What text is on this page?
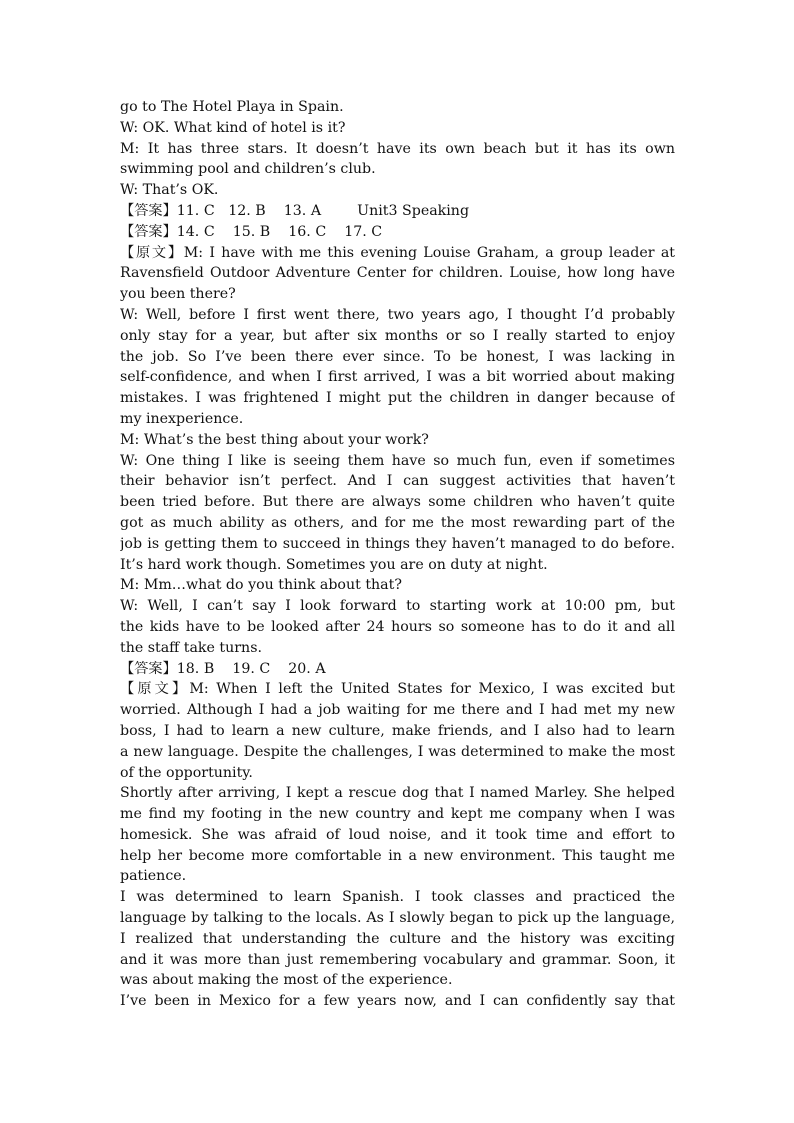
go to The Hotel Playa in Spain.
W: OK. What kind of hotel is it?
M: It has three stars. It doesn’t have its own beach but it has its own
swimming pool and children’s club.
W: That’s OK.
【答案】11. C   12. B    13. A        Unit3 Speaking
【答案】14. C    15. B    16. C    17. C
【原文】M: I have with me this evening Louise Graham, a group leader at
Ravensfield Outdoor Adventure Center for children. Louise, how long have
you been there?
W: Well, before I first went there, two years ago, I thought I’d probably
only stay for a year, but after six months or so I really started to enjoy
the job. So I’ve been there ever since. To be honest, I was lacking in
self-confidence, and when I first arrived, I was a bit worried about making
mistakes. I was frightened I might put the children in danger because of
my inexperience.
M: What’s the best thing about your work?
W: One thing I like is seeing them have so much fun, even if sometimes
their behavior isn’t perfect. And I can suggest activities that haven’t
been tried before. But there are always some children who haven’t quite
got as much ability as others, and for me the most rewarding part of the
job is getting them to succeed in things they haven’t managed to do before.
It’s hard work though. Sometimes you are on duty at night.
M: Mm…what do you think about that?
W: Well, I can’t say I look forward to starting work at 10:00 pm, but
the kids have to be looked after 24 hours so someone has to do it and all
the staff take turns.
【答案】18. B    19. C    20. A
【原文】M: When I left the United States for Mexico, I was excited but
worried. Although I had a job waiting for me there and I had met my new
boss, I had to learn a new culture, make friends, and I also had to learn
a new language. Despite the challenges, I was determined to make the most
of the opportunity.
Shortly after arriving, I kept a rescue dog that I named Marley. She helped
me find my footing in the new country and kept me company when I was
homesick. She was afraid of loud noise, and it took time and effort to
help her become more comfortable in a new environment. This taught me
patience.
I was determined to learn Spanish. I took classes and practiced the
language by talking to the locals. As I slowly began to pick up the language,
I realized that understanding the culture and the history was exciting
and it was more than just remembering vocabulary and grammar. Soon, it
was about making the most of the experience.
I’ve been in Mexico for a few years now, and I can confidently say that
